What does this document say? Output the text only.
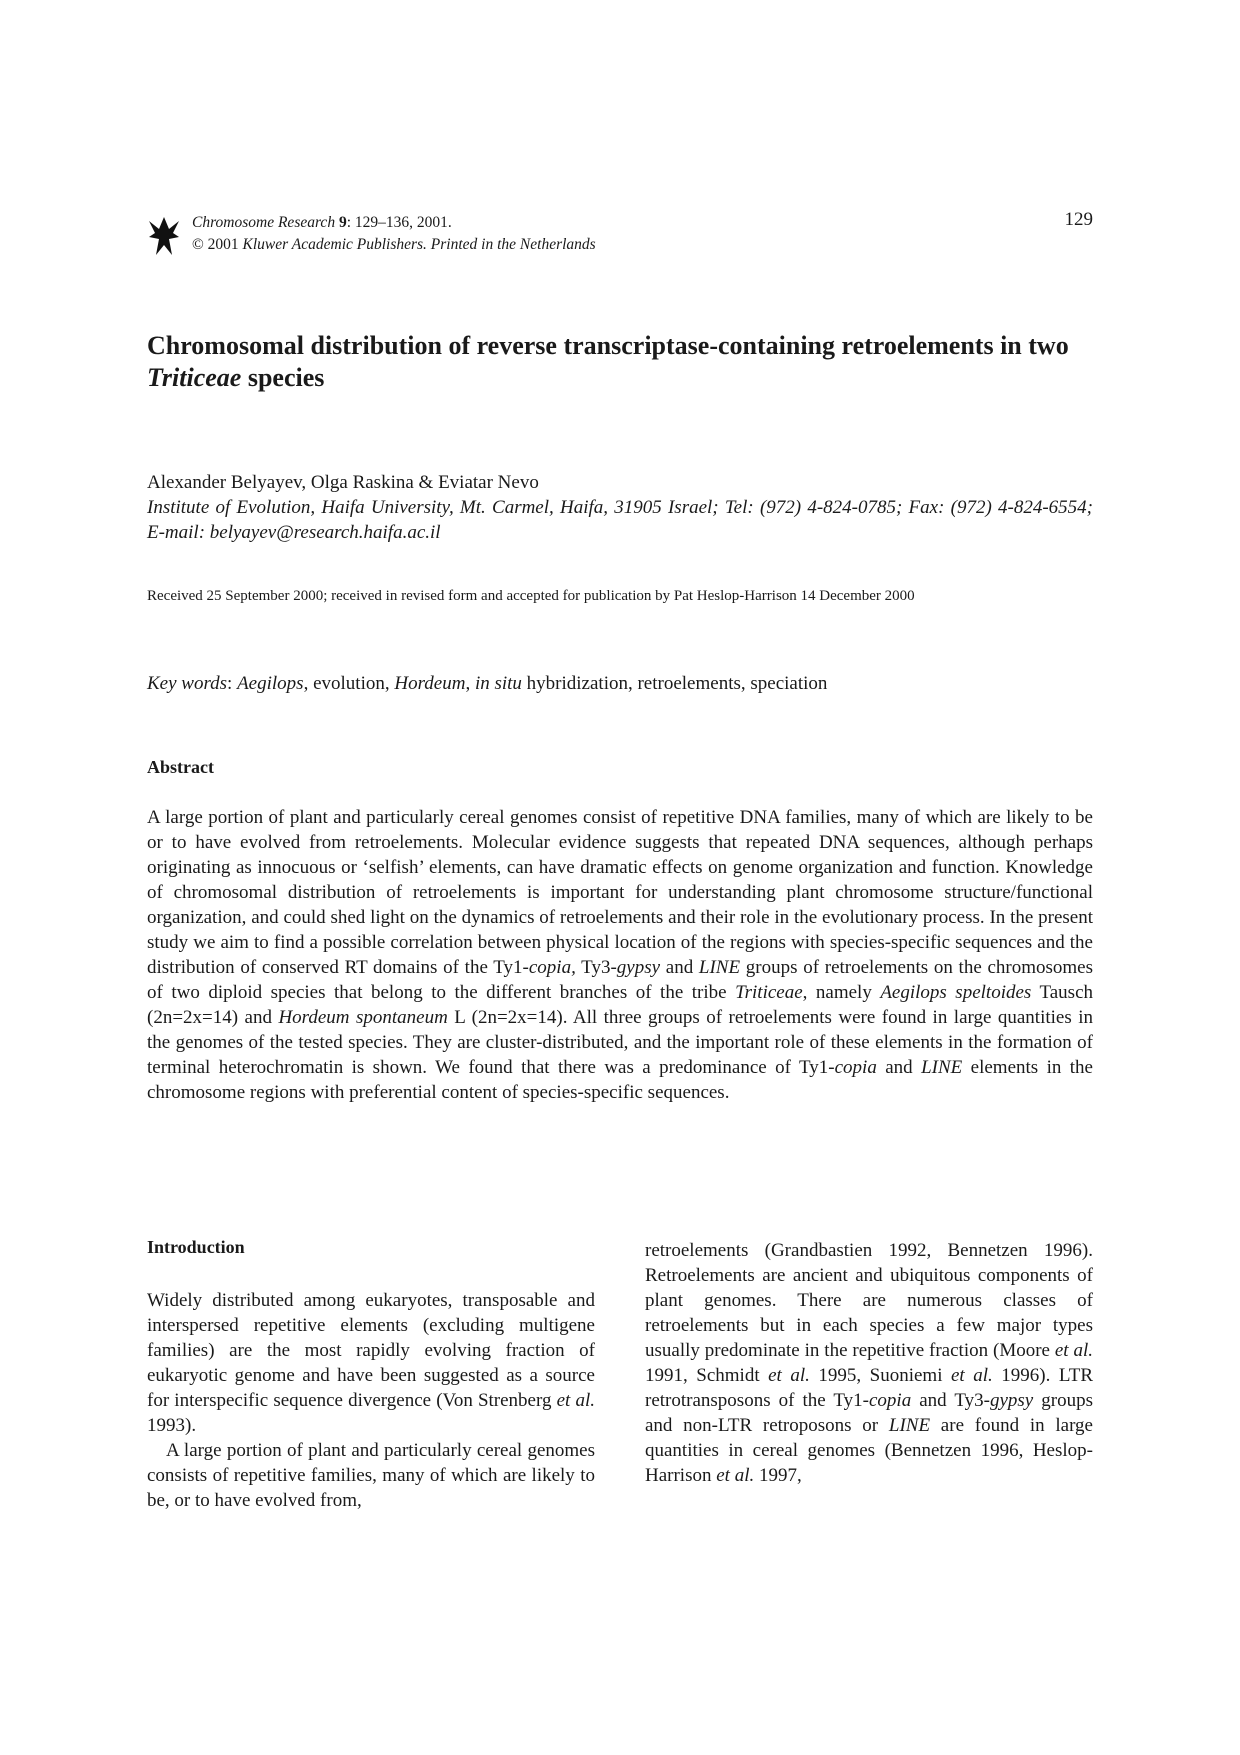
Chromosome Research 9: 129–136, 2001.
© 2001 Kluwer Academic Publishers. Printed in the Netherlands
129
Chromosomal distribution of reverse transcriptase-containing retroelements in two Triticeae species
Alexander Belyayev, Olga Raskina & Eviatar Nevo
Institute of Evolution, Haifa University, Mt. Carmel, Haifa, 31905 Israel; Tel: (972) 4-824-0785; Fax: (972) 4-824-6554; E-mail: belyayev@research.haifa.ac.il
Received 25 September 2000; received in revised form and accepted for publication by Pat Heslop-Harrison 14 December 2000
Key words: Aegilops, evolution, Hordeum, in situ hybridization, retroelements, speciation
Abstract
A large portion of plant and particularly cereal genomes consist of repetitive DNA families, many of which are likely to be or to have evolved from retroelements. Molecular evidence suggests that repeated DNA sequences, although perhaps originating as innocuous or ‘selfish’ elements, can have dramatic effects on genome organization and function. Knowledge of chromosomal distribution of retroelements is important for understanding plant chromosome structure/functional organization, and could shed light on the dynamics of retroelements and their role in the evolutionary process. In the present study we aim to find a possible correlation between physical location of the regions with species-specific sequences and the distribution of conserved RT domains of the Ty1-copia, Ty3-gypsy and LINE groups of retroelements on the chromosomes of two diploid species that belong to the different branches of the tribe Triticeae, namely Aegilops speltoides Tausch (2n=2x=14) and Hordeum spontaneum L (2n=2x=14). All three groups of retroelements were found in large quantities in the genomes of the tested species. They are cluster-distributed, and the important role of these elements in the formation of terminal heterochromatin is shown. We found that there was a predominance of Ty1-copia and LINE elements in the chromosome regions with preferential content of species-specific sequences.
Introduction

Widely distributed among eukaryotes, transposable and interspersed repetitive elements (excluding multigene families) are the most rapidly evolving fraction of eukaryotic genome and have been suggested as a source for interspecific sequence divergence (Von Strenberg et al. 1993).

A large portion of plant and particularly cereal genomes consists of repetitive families, many of which are likely to be, or to have evolved from,

retroelements (Grandbastien 1992, Bennetzen 1996). Retroelements are ancient and ubiquitous components of plant genomes. There are numerous classes of retroelements but in each species a few major types usually predominate in the repetitive fraction (Moore et al. 1991, Schmidt et al. 1995, Suoniemi et al. 1996). LTR retrotransposons of the Ty1-copia and Ty3-gypsy groups and non-LTR retroposons or LINE are found in large quantities in cereal genomes (Bennetzen 1996, Heslop-Harrison et al. 1997,
